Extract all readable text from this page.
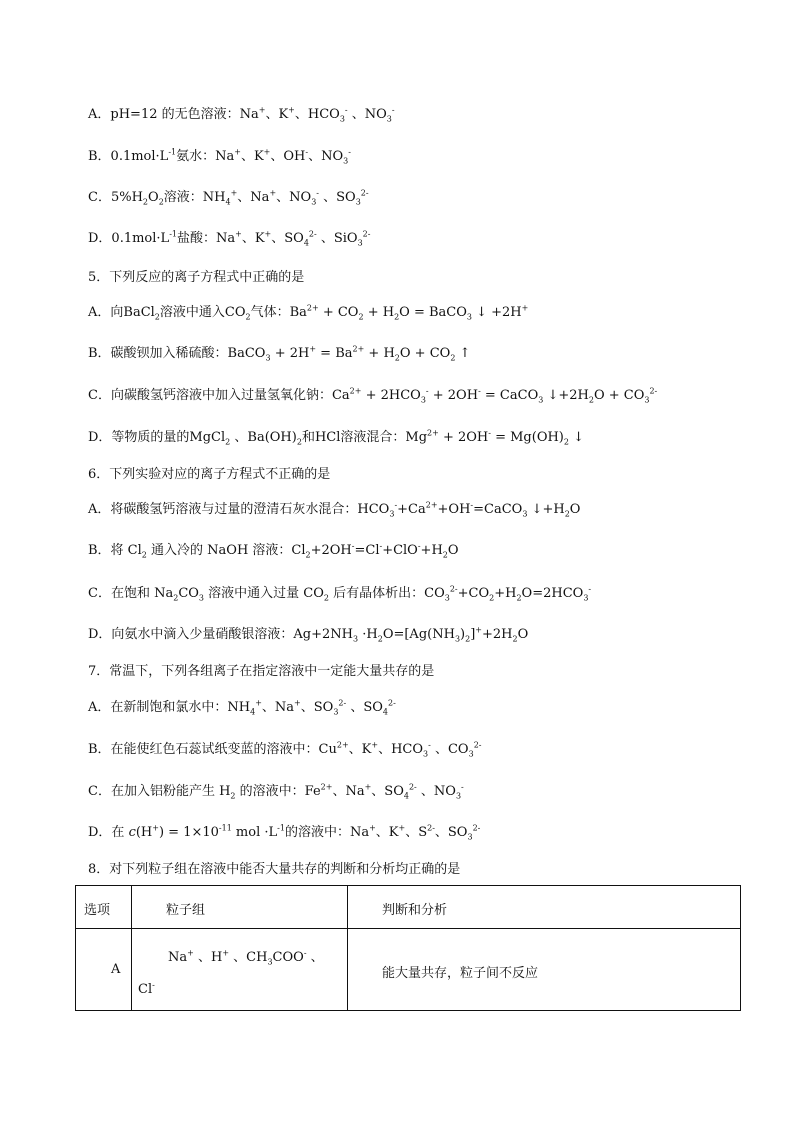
A．pH=12 的无色溶液：Na+、K+、$HCO_3^-$ 、$NO_3^-$
B．$0.1mol\cdot L^{-1}$氨水：Na+、K+、OH-、$NO_3^-$
C．$5\%H_2O_2$溶液：$NH_4^+$、Na+、$NO_3^-$ 、$SO_3^{2-}$
D．$0.1mol\cdot L^{-1}$盐酸：Na+、K+、$SO_4^{2-}$ 、SiO$_3^{2-}$
5．下列反应的离子方程式中正确的是
A．向BaCl$_2$溶液中通入$CO_2$气体：$Ba^{2+} + CO_2 + H_2O$ = BaCO$_3$ ↓ +2H+
B．碳酸钡加入稀硫酸：BaCO$_3$ + $2H^+ = Ba^{2+} + H_2O + CO_2$ ↑
C．向碳酸氢钙溶液中加入过量氢氧化钠：$Ca^{2+} + 2HCO_3^- + 2OH^-$ = CaCO$_3$ $↓+2H_2O + CO_3^{2-}$
D．等物质的量的MgCl$_2$ 、$Ba(OH)_2$和HCl溶液混合：$Mg^{2+} + 2OH^- = Mg(OH)_2$ ↓
6．下列实验对应的离子方程式不正确的是
A．将碳酸氢钙溶液与过量的澄清石灰水混合：$HCO_3^-+Ca^{2+}+OH^-=CaCO_3$ $↓+H_2O$
B．将 $Cl_2$ 通入冷的 NaOH 溶液：$Cl_2+2OH^-=Cl^-+ClO^-+H_2O$
C．在饱和 $Na_2CO_3$ 溶液中通入过量 $CO_2$ 后有晶体析出：$CO_3^{2-}+CO_2+H_2O=2HCO_3^-$
D．向氨水中滴入少量硝酸银溶液：$Ag+2NH_3 \cdot H_2O=[Ag(NH_3)_2]^++2H_2O$
7．常温下，下列各组离子在指定溶液中一定能大量共存的是
A．在新制饱和氯水中：$NH_4^+$、Na+、$SO_3^{2-}$ 、$SO_4^{2-}$
B．在能使红色石蕊试纸变蓝的溶液中：$Cu^{2+}$、K+、$HCO_3^-$ 、$CO_3^{2-}$
C．在加入铝粉能产生 $H_2$ 的溶液中：$Fe^{2+}$、Na+、$SO_4^{2-}$ 、$NO_3^-$
D．在 $c(H^+) = 1\times 10^{-11}$ mol $\cdot L^{-1}$的溶液中：Na+、K+、$S^{2-}$、$SO_3^{2-}$
8．对下列粒子组在溶液中能否大量共存的判断和分析均正确的是
选项	粒子组	判断和分析
A
Na+ 、H+ 、$CH_3COO^-$ 、
Cl-
能大量共存，粒子间不反应
